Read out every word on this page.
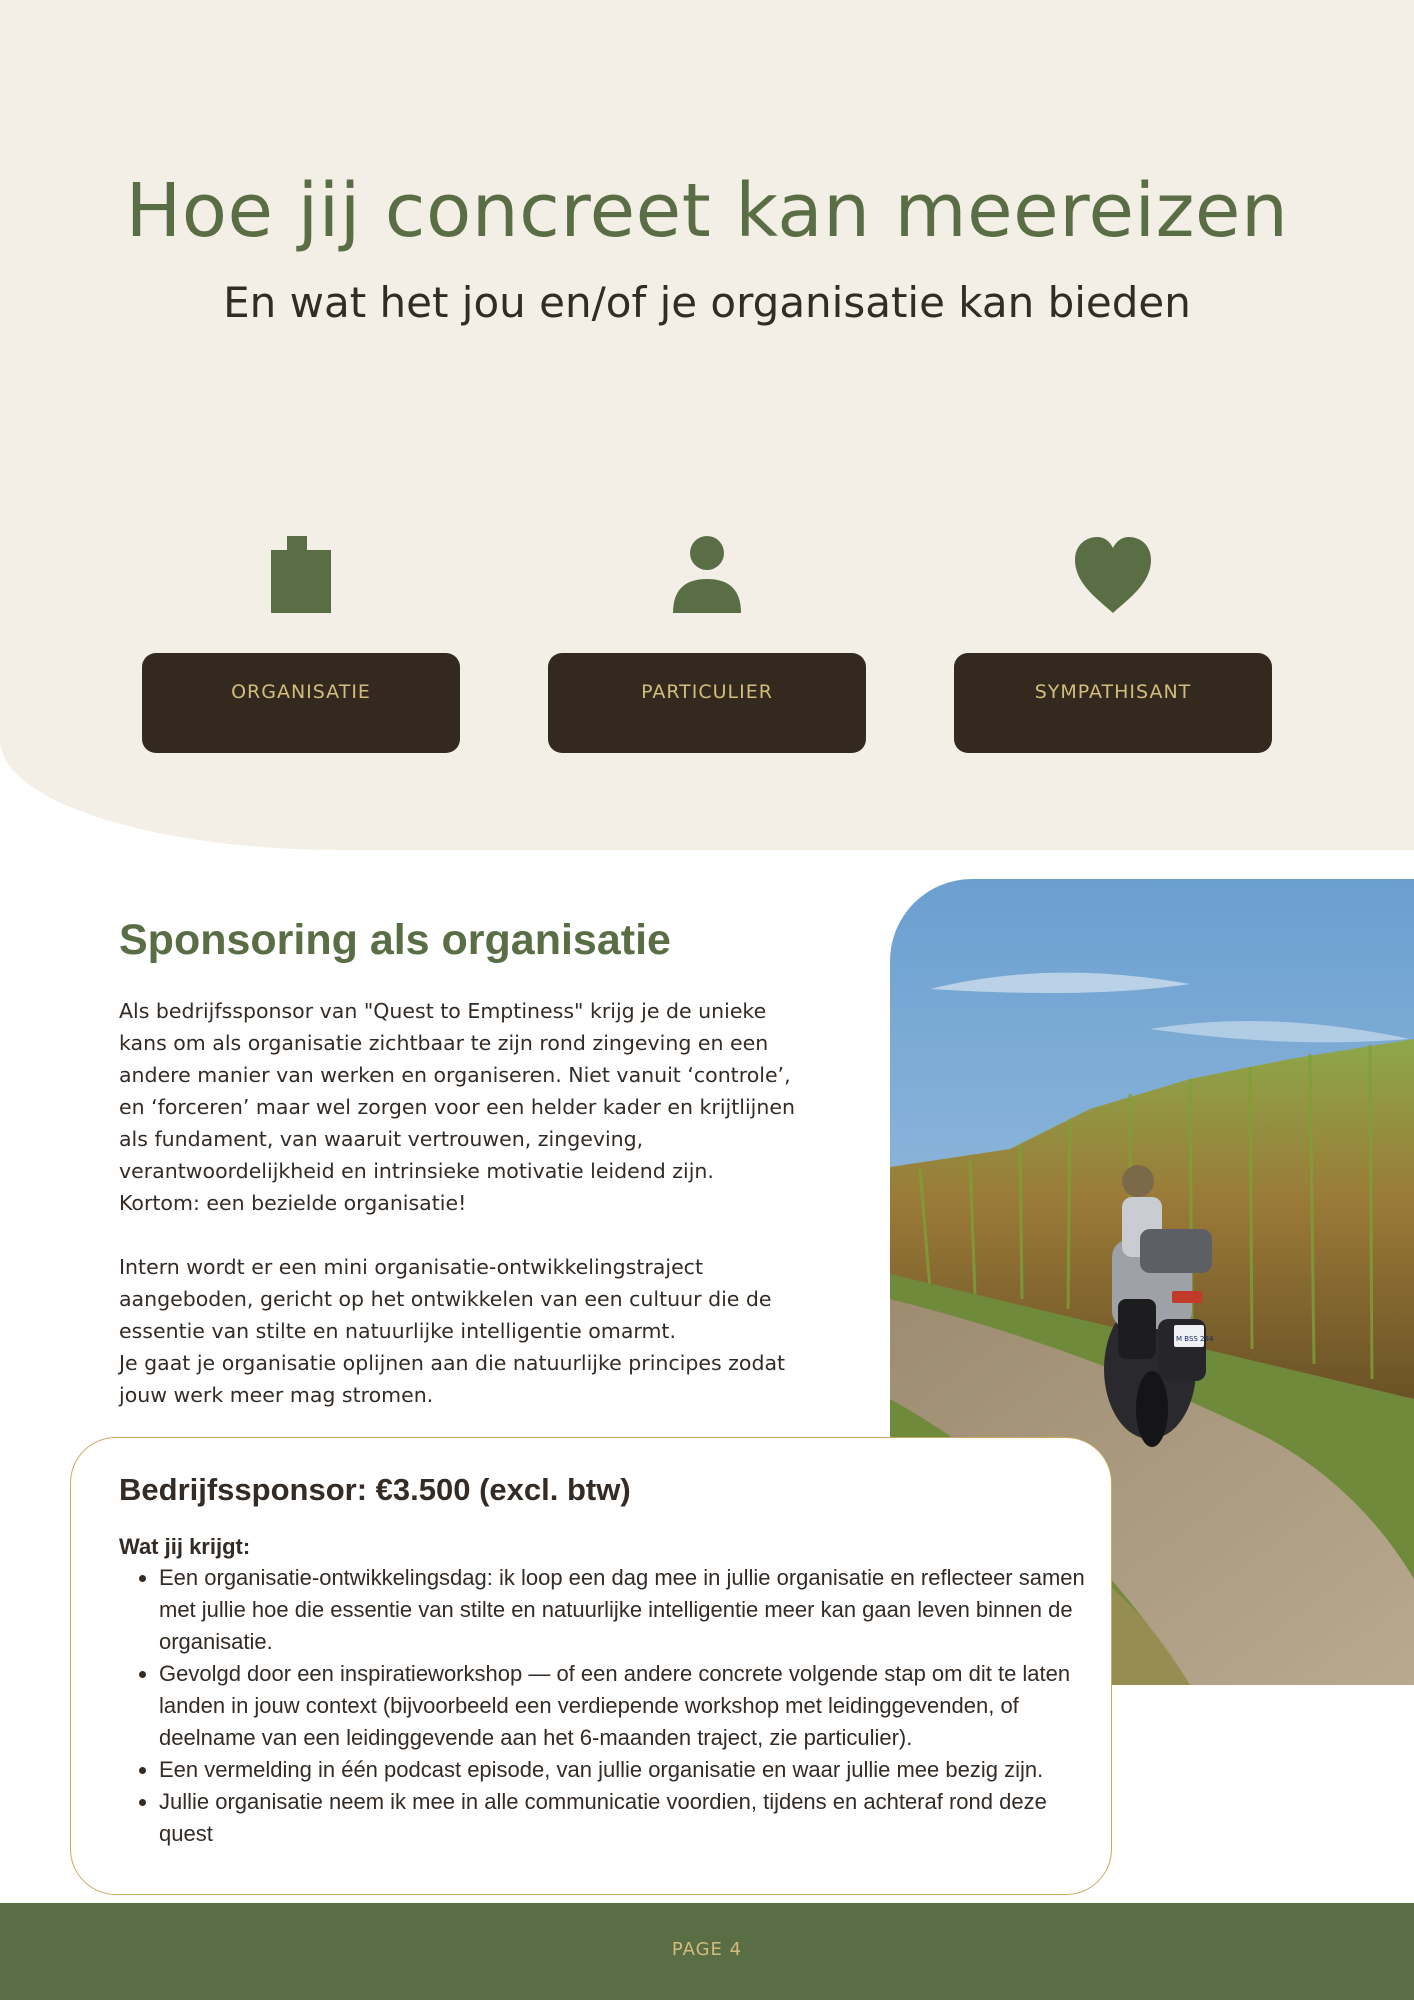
Hoe jij concreet kan meereizen
En wat het jou en/of je organisatie kan bieden
ORGANISATIE	PARTICULIER	SYMPATHISANT
M BSS 234
Sponsoring als organisatie

Als bedrijfssponsor van "Quest to Emptiness" krijg je de unieke
kans om als organisatie zichtbaar te zijn rond zingeving en een
andere manier van werken en organiseren. Niet vanuit ‘controle’,
en ‘forceren’ maar wel zorgen voor een helder kader en krijtlijnen
als fundament, van waaruit vertrouwen, zingeving,
verantwoordelijkheid en intrinsieke motivatie leidend zijn.
Kortom: een bezielde organisatie!

Intern wordt er een mini organisatie-ontwikkelingstraject
aangeboden, gericht op het ontwikkelen van een cultuur die de
essentie van stilte en natuurlijke intelligentie omarmt.
Je gaat je organisatie oplijnen aan die natuurlijke principes zodat
jouw werk meer mag stromen.

Bedrijfssponsor: €3.500 (excl. btw)
Wat jij krijgt:
• Een organisatie-ontwikkelingsdag: ik loop een dag mee in jullie organisatie en reflecteer samen met jullie hoe die essentie van stilte en natuurlijke intelligentie meer kan gaan leven binnen de organisatie.
• Gevolgd door een inspiratieworkshop — of een andere concrete volgende stap om dit te laten landen in jouw context (bijvoorbeeld een verdiepende workshop met leidinggevenden, of deelname van een leidinggevende aan het 6-maanden traject, zie particulier).
• Een vermelding in één podcast episode, van jullie organisatie en waar jullie mee bezig zijn.
• Jullie organisatie neem ik mee in alle communicatie voordien, tijdens en achteraf rond deze quest
PAGE 4
